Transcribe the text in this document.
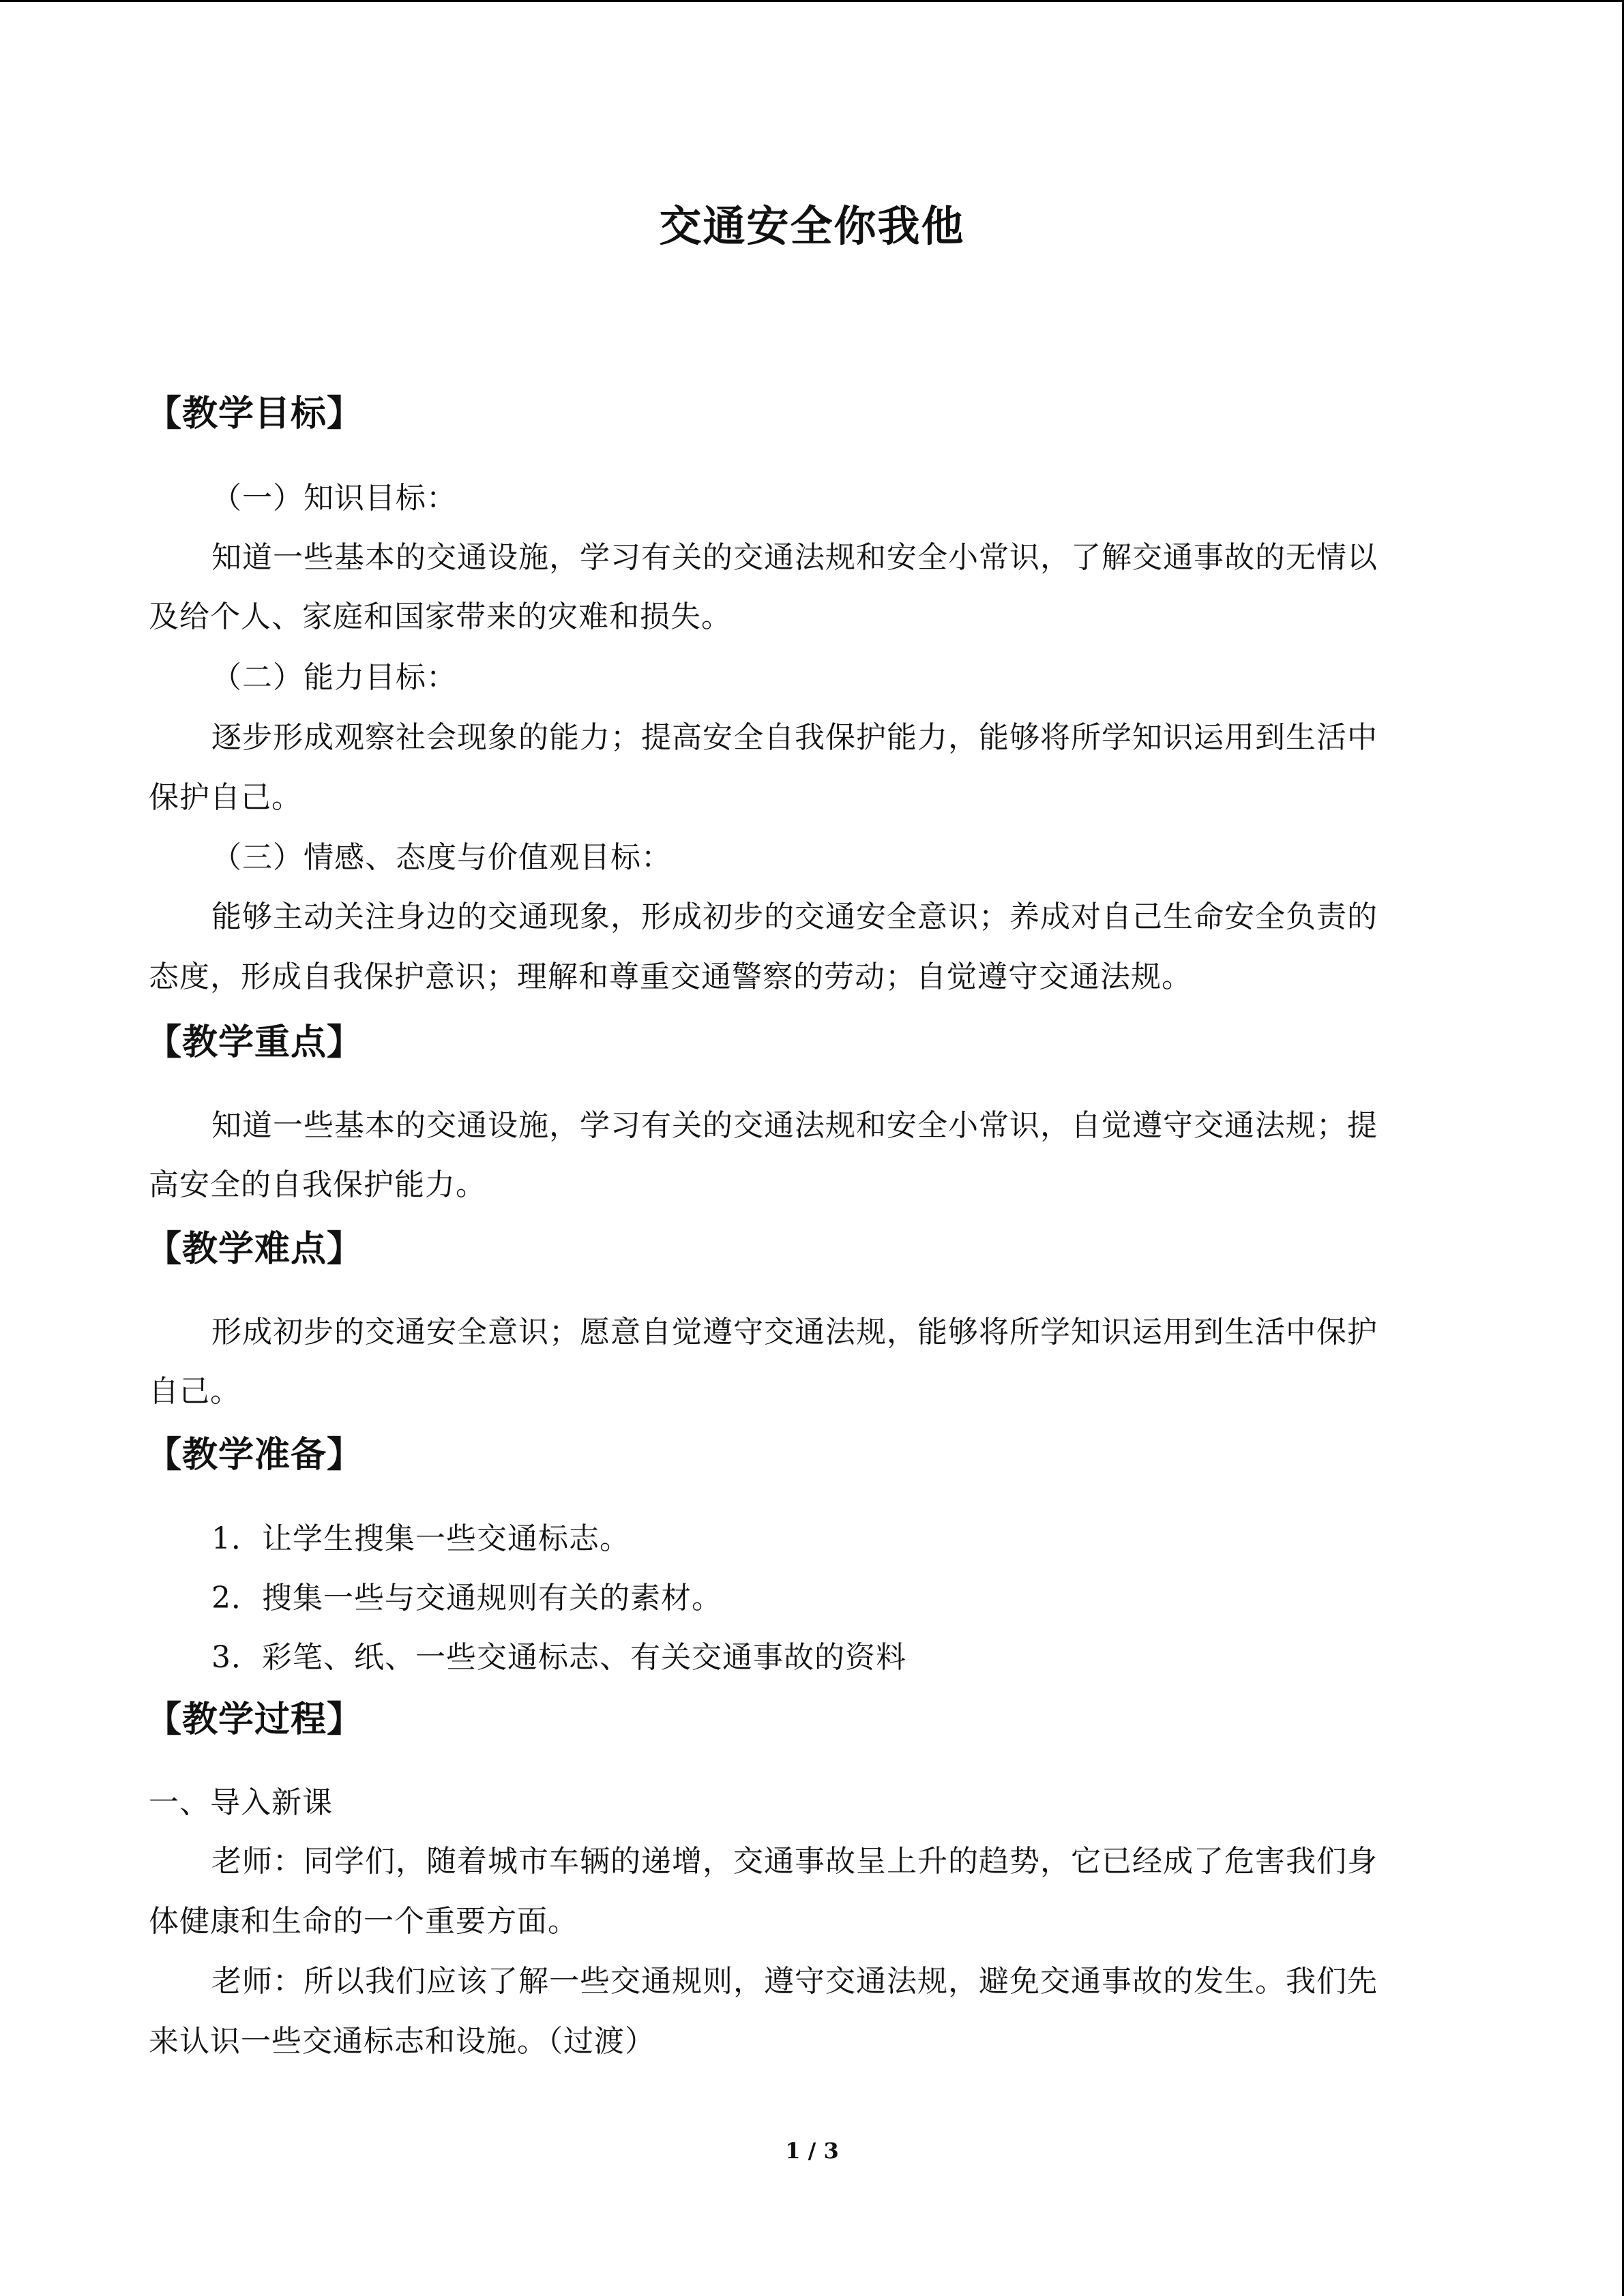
交通安全你我他
【教学目标】
（一）知识目标：
知道一些基本的交通设施，学习有关的交通法规和安全小常识，了解交通事故的无情以
及给个人、家庭和国家带来的灾难和损失。
（二）能力目标：
逐步形成观察社会现象的能力；提高安全自我保护能力，能够将所学知识运用到生活中
保护自己。
（三）情感、态度与价值观目标：
能够主动关注身边的交通现象，形成初步的交通安全意识；养成对自己生命安全负责的
态度，形成自我保护意识；理解和尊重交通警察的劳动；自觉遵守交通法规。
【教学重点】
知道一些基本的交通设施，学习有关的交通法规和安全小常识，自觉遵守交通法规；提
高安全的自我保护能力。
【教学难点】
形成初步的交通安全意识；愿意自觉遵守交通法规，能够将所学知识运用到生活中保护
自己。
【教学准备】
1．让学生搜集一些交通标志。
2．搜集一些与交通规则有关的素材。
3．彩笔、纸、一些交通标志、有关交通事故的资料
【教学过程】
一、导入新课
老师：同学们，随着城市车辆的递增，交通事故呈上升的趋势，它已经成了危害我们身
体健康和生命的一个重要方面。
老师：所以我们应该了解一些交通规则，遵守交通法规，避免交通事故的发生。我们先
来认识一些交通标志和设施。（过渡）
1 / 3
